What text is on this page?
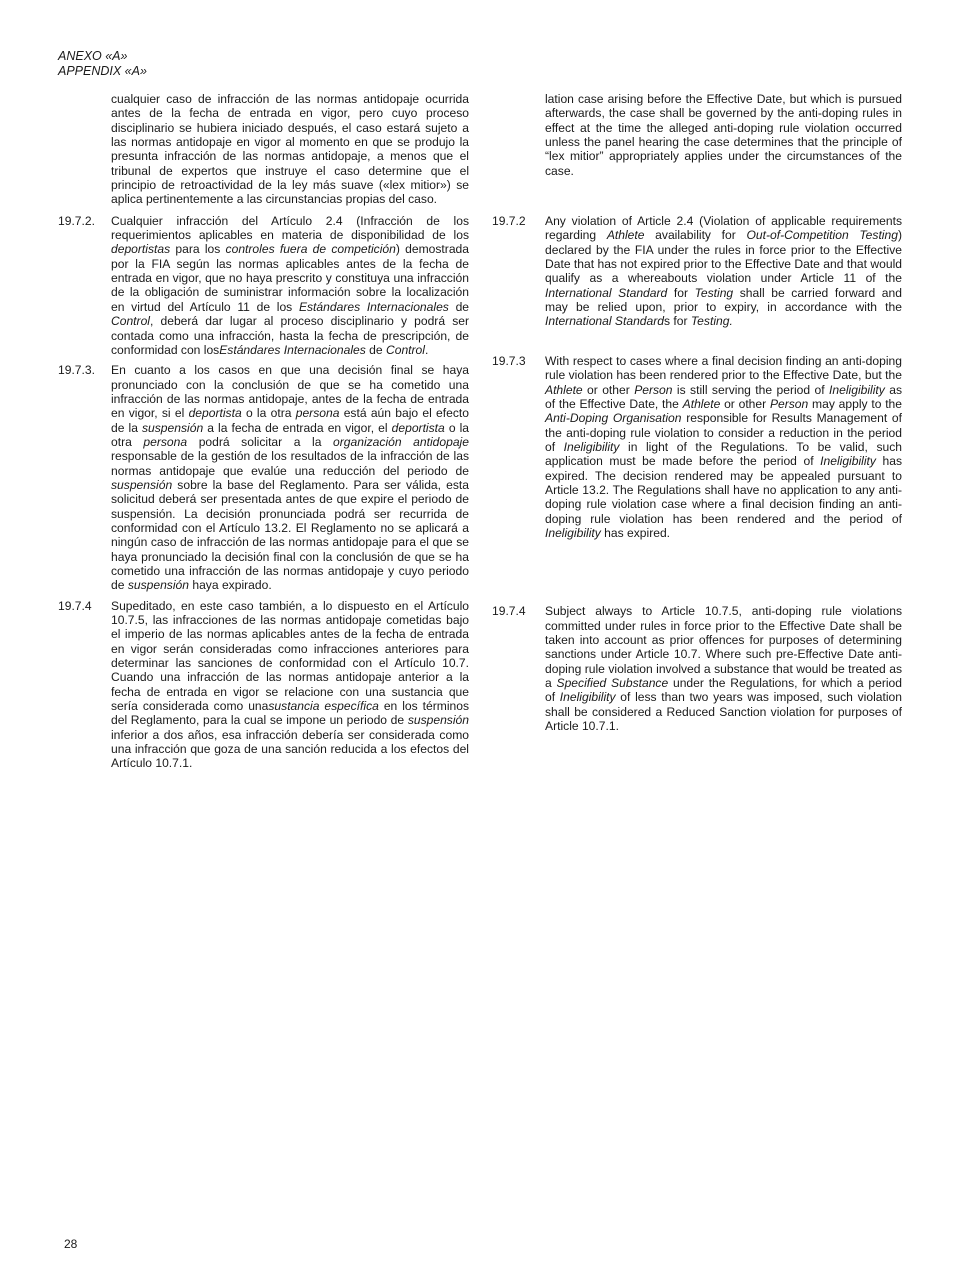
ANEXO «A»
APPENDIX «A»
cualquier caso de infracción de las normas antidopaje ocurrida antes de la fecha de entrada en vigor, pero cuyo proceso disciplinario se hubiera iniciado después, el caso estará sujeto a las normas antidopaje en vigor al momento en que se produjo la presunta infracción de las normas antidopaje, a menos que el tribunal de expertos que instruye el caso determine que el principio de retroactividad de la ley más suave («lex mitior») se aplica pertinentemente a las circunstancias propias del caso.
19.7.2.	Cualquier infracción del Artículo 2.4 (Infracción de los requerimientos aplicables en materia de disponibilidad de los deportistas para los controles fuera de competición) demostrada por la FIA según las normas aplicables antes de la fecha de entrada en vigor, que no haya prescrito y constituya una infracción de la obligación de suministrar información sobre la localización en virtud del Artículo 11 de los Estándares Internacionales de Control, deberá dar lugar al proceso disciplinario y podrá ser contada como una infracción, hasta la fecha de prescripción, de conformidad con losEstándares Internacionales de Control.
19.7.3.	En cuanto a los casos en que una decisión final se haya pronunciado con la conclusión de que se ha cometido una infracción de las normas antidopaje, antes de la fecha de entrada en vigor, si el deportista o la otra persona está aún bajo el efecto de la suspensión a la fecha de entrada en vigor, el deportista o la otra persona podrá solicitar a la organización antidopaje responsable de la gestión de los resultados de la infracción de las normas antidopaje que evalúe una reducción del periodo de suspensión sobre la base del Reglamento. Para ser válida, esta solicitud deberá ser presentada antes de que expire el periodo de suspensión. La decisión pronunciada podrá ser recurrida de conformidad con el Artículo 13.2. El Reglamento no se aplicará a ningún caso de infracción de las normas antidopaje para el que se haya pronunciado la decisión final con la conclusión de que se ha cometido una infracción de las normas antidopaje y cuyo periodo de suspensión haya expirado.
19.7.4	Supeditado, en este caso también, a lo dispuesto en el Artículo 10.7.5, las infracciones de las normas antidopaje cometidas bajo el imperio de las normas aplicables antes de la fecha de entrada en vigor serán consideradas como infracciones anteriores para determinar las sanciones de conformidad con el Artículo 10.7. Cuando una infracción de las normas antidopaje anterior a la fecha de entrada en vigor se relacione con una sustancia que sería considerada como unasustancia específica en los términos del Reglamento, para la cual se impone un periodo de suspensión inferior a dos años, esa infracción debería ser considerada como una infracción que goza de una sanción reducida a los efectos del Artículo 10.7.1.
lation case arising before the Effective Date, but which is pursued afterwards, the case shall be governed by the anti-doping rules in effect at the time the alleged anti-doping rule violation occurred unless the panel hearing the case determines that the principle of “lex mitior” appropriately applies under the circumstances of the case.
19.7.2	Any violation of Article 2.4 (Violation of applicable requirements regarding Athlete availability for Out-of-Competition Testing) declared by the FIA under the rules in force prior to the Effective Date that has not expired prior to the Effective Date and that would qualify as a whereabouts violation under Article 11 of the International Standard for Testing shall be carried forward and may be relied upon, prior to expiry, in accordance with the International Standards for Testing.
19.7.3	With respect to cases where a final decision finding an anti-doping rule violation has been rendered prior to the Effective Date, but the Athlete or other Person is still serving the period of Ineligibility as of the Effective Date, the Athlete or other Person may apply to the Anti-Doping Organisation responsible for Results Management of the anti-doping rule violation to consider a reduction in the period of Ineligibility in light of the Regulations. To be valid, such application must be made before the period of Ineligibility has expired. The decision rendered may be appealed pursuant to Article 13.2. The Regulations shall have no application to any anti-doping rule violation case where a final decision finding an anti-doping rule violation has been rendered and the period of Ineligibility has expired.
19.7.4	Subject always to Article 10.7.5, anti-doping rule violations committed under rules in force prior to the Effective Date shall be taken into account as prior offences for purposes of determining sanctions under Article 10.7. Where such pre-Effective Date anti-doping rule violation involved a substance that would be treated as a Specified Substance under the Regulations, for which a period of Ineligibility of less than two years was imposed, such violation shall be considered a Reduced Sanction violation for purposes of Article 10.7.1.
28
